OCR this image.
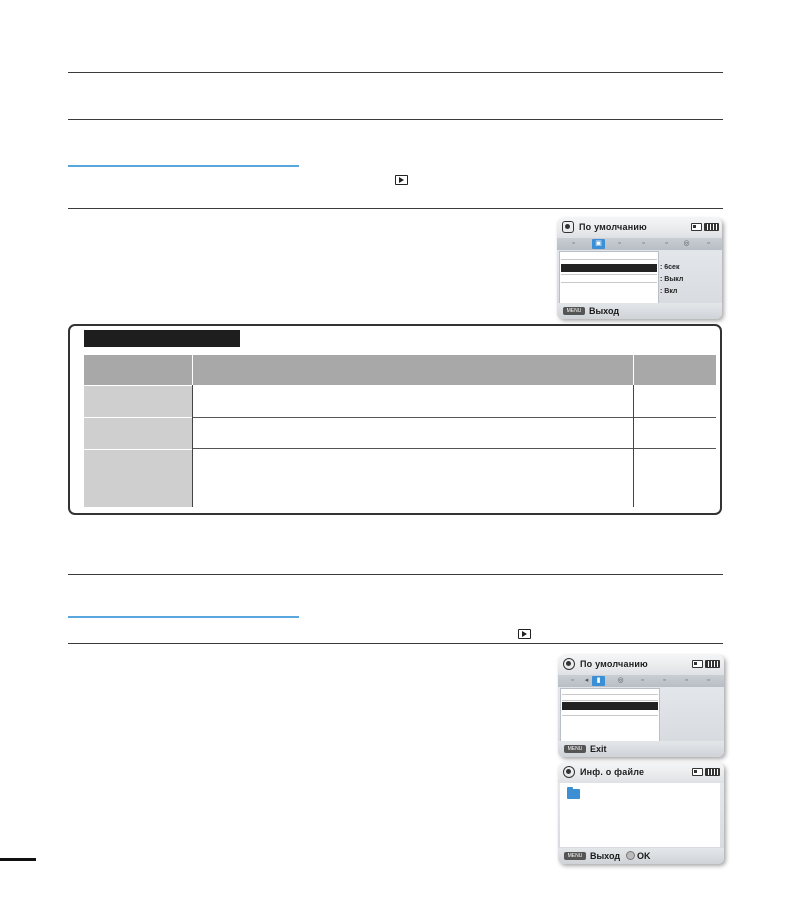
По умолчанию
▫	▣	▫	▫	▫	◎	▫
: 6сек
: Выкл
: Вкл
MENU Выход
По умолчанию
▫	◂	▮	◎	▫	▫	▫	▫
MENU Exit
Инф. о файле
MENU Выход OK
